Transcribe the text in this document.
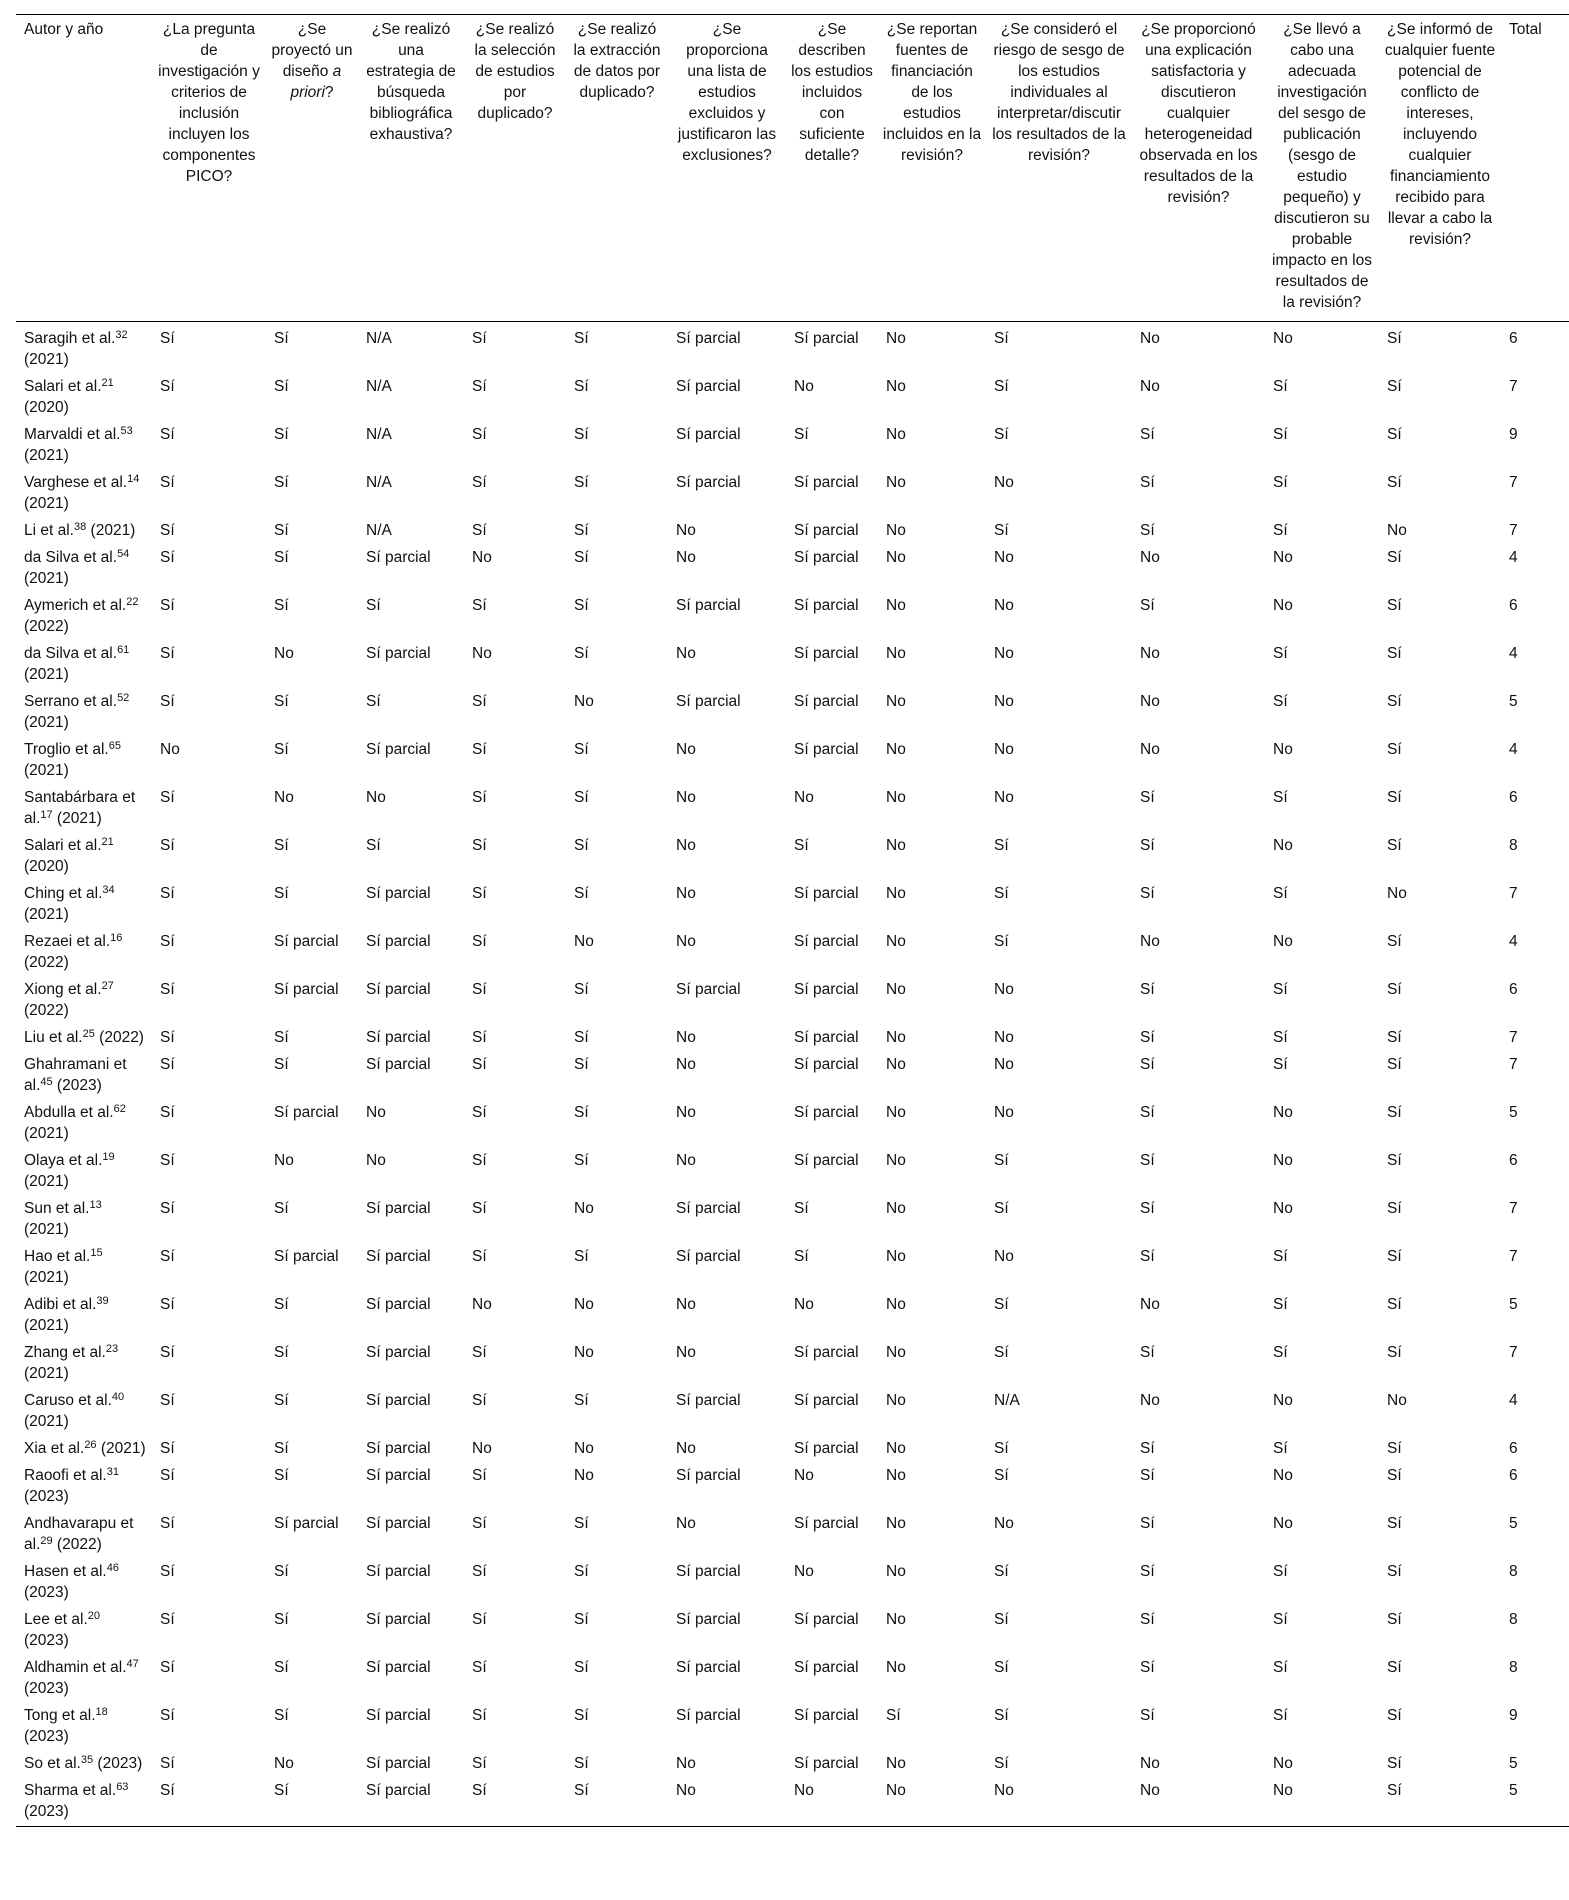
Autor y año	¿La pregunta de investigación y criterios de inclusión incluyen los componentes PICO?	¿Se proyectó un diseño a priori?	¿Se realizó una estrategia de búsqueda bibliográfica exhaustiva?	¿Se realizó la selección de estudios por duplicado?	¿Se realizó la extracción de datos por duplicado?	¿Se proporciona una lista de estudios excluidos y justificaron las exclusiones?	¿Se describen los estudios incluidos con suficiente detalle?	¿Se reportan fuentes de financiación de los estudios incluidos en la revisión?	¿Se consideró el riesgo de sesgo de los estudios individuales al interpretar/discutir los resultados de la revisión?	¿Se proporcionó una explicación satisfactoria y discutieron cualquier heterogeneidad observada en los resultados de la revisión?	¿Se llevó a cabo una adecuada investigación del sesgo de publicación (sesgo de estudio pequeño) y discutieron su probable impacto en los resultados de la revisión?	¿Se informó de cualquier fuente potencial de conflicto de intereses, incluyendo cualquier financiamiento recibido para llevar a cabo la revisión?	Total
Saragih et al.$^{32}$ (2021)	Sí	Sí	N/A	Sí	Sí	Sí parcial	Sí parcial	No	Sí	No	No	Sí	6
Salari et al.$^{21}$ (2020)	Sí	Sí	N/A	Sí	Sí	Sí parcial	No	No	Sí	No	Sí	Sí	7
Marvaldi et al.$^{53}$ (2021)	Sí	Sí	N/A	Sí	Sí	Sí parcial	Sí	No	Sí	Sí	Sí	Sí	9
Varghese et al.$^{14}$ (2021)	Sí	Sí	N/A	Sí	Sí	Sí parcial	Sí parcial	No	No	Sí	Sí	Sí	7
Li et al.$^{38}$ (2021)	Sí	Sí	N/A	Sí	Sí	No	Sí parcial	No	Sí	Sí	Sí	No	7
da Silva et al.$^{54}$ (2021)	Sí	Sí	Sí parcial	No	Sí	No	Sí parcial	No	No	No	No	Sí	4
Aymerich et al.$^{22}$ (2022)	Sí	Sí	Sí	Sí	Sí	Sí parcial	Sí parcial	No	No	Sí	No	Sí	6
da Silva et al.$^{61}$ (2021)	Sí	No	Sí parcial	No	Sí	No	Sí parcial	No	No	No	Sí	Sí	4
Serrano et al.$^{52}$ (2021)	Sí	Sí	Sí	Sí	No	Sí parcial	Sí parcial	No	No	No	Sí	Sí	5
Troglio et al.$^{65}$ (2021)	No	Sí	Sí parcial	Sí	Sí	No	Sí parcial	No	No	No	No	Sí	4
Santabárbara et al.$^{17}$ (2021)	Sí	No	No	Sí	Sí	No	No	No	No	Sí	Sí	Sí	6
Salari et al.$^{21}$ (2020)	Sí	Sí	Sí	Sí	Sí	No	Sí	No	Sí	Sí	No	Sí	8
Ching et al.$^{34}$ (2021)	Sí	Sí	Sí parcial	Sí	Sí	No	Sí parcial	No	Sí	Sí	Sí	No	7
Rezaei et al.$^{16}$ (2022)	Sí	Sí parcial	Sí parcial	Sí	No	No	Sí parcial	No	Sí	No	No	Sí	4
Xiong et al.$^{27}$ (2022)	Sí	Sí parcial	Sí parcial	Sí	Sí	Sí parcial	Sí parcial	No	No	Sí	Sí	Sí	6
Liu et al.$^{25}$ (2022)	Sí	Sí	Sí parcial	Sí	Sí	No	Sí parcial	No	No	Sí	Sí	Sí	7
Ghahramani et al.$^{45}$ (2023)	Sí	Sí	Sí parcial	Sí	Sí	No	Sí parcial	No	No	Sí	Sí	Sí	7
Abdulla et al.$^{62}$ (2021)	Sí	Sí parcial	No	Sí	Sí	No	Sí parcial	No	No	Sí	No	Sí	5
Olaya et al.$^{19}$ (2021)	Sí	No	No	Sí	Sí	No	Sí parcial	No	Sí	Sí	No	Sí	6
Sun et al.$^{13}$ (2021)	Sí	Sí	Sí parcial	Sí	No	Sí parcial	Sí	No	Sí	Sí	No	Sí	7
Hao et al.$^{15}$ (2021)	Sí	Sí parcial	Sí parcial	Sí	Sí	Sí parcial	Sí	No	No	Sí	Sí	Sí	7
Adibi et al.$^{39}$ (2021)	Sí	Sí	Sí parcial	No	No	No	No	No	Sí	No	Sí	Sí	5
Zhang et al.$^{23}$ (2021)	Sí	Sí	Sí parcial	Sí	No	No	Sí parcial	No	Sí	Sí	Sí	Sí	7
Caruso et al.$^{40}$ (2021)	Sí	Sí	Sí parcial	Sí	Sí	Sí parcial	Sí parcial	No	N/A	No	No	No	4
Xia et al.$^{26}$ (2021)	Sí	Sí	Sí parcial	No	No	No	Sí parcial	No	Sí	Sí	Sí	Sí	6
Raoofi et al.$^{31}$ (2023)	Sí	Sí	Sí parcial	Sí	No	Sí parcial	No	No	Sí	Sí	No	Sí	6
Andhavarapu et al.$^{29}$ (2022)	Sí	Sí parcial	Sí parcial	Sí	Sí	No	Sí parcial	No	No	Sí	No	Sí	5
Hasen et al.$^{46}$ (2023)	Sí	Sí	Sí parcial	Sí	Sí	Sí parcial	No	No	Sí	Sí	Sí	Sí	8
Lee et al.$^{20}$ (2023)	Sí	Sí	Sí parcial	Sí	Sí	Sí parcial	Sí parcial	No	Sí	Sí	Sí	Sí	8
Aldhamin et al.$^{47}$ (2023)	Sí	Sí	Sí parcial	Sí	Sí	Sí parcial	Sí parcial	No	Sí	Sí	Sí	Sí	8
Tong et al.$^{18}$ (2023)	Sí	Sí	Sí parcial	Sí	Sí	Sí parcial	Sí parcial	Sí	Sí	Sí	Sí	Sí	9
So et al.$^{35}$ (2023)	Sí	No	Sí parcial	Sí	Sí	No	Sí parcial	No	Sí	No	No	Sí	5
Sharma et al.$^{63}$ (2023)	Sí	Sí	Sí parcial	Sí	Sí	No	No	No	No	No	No	Sí	5
